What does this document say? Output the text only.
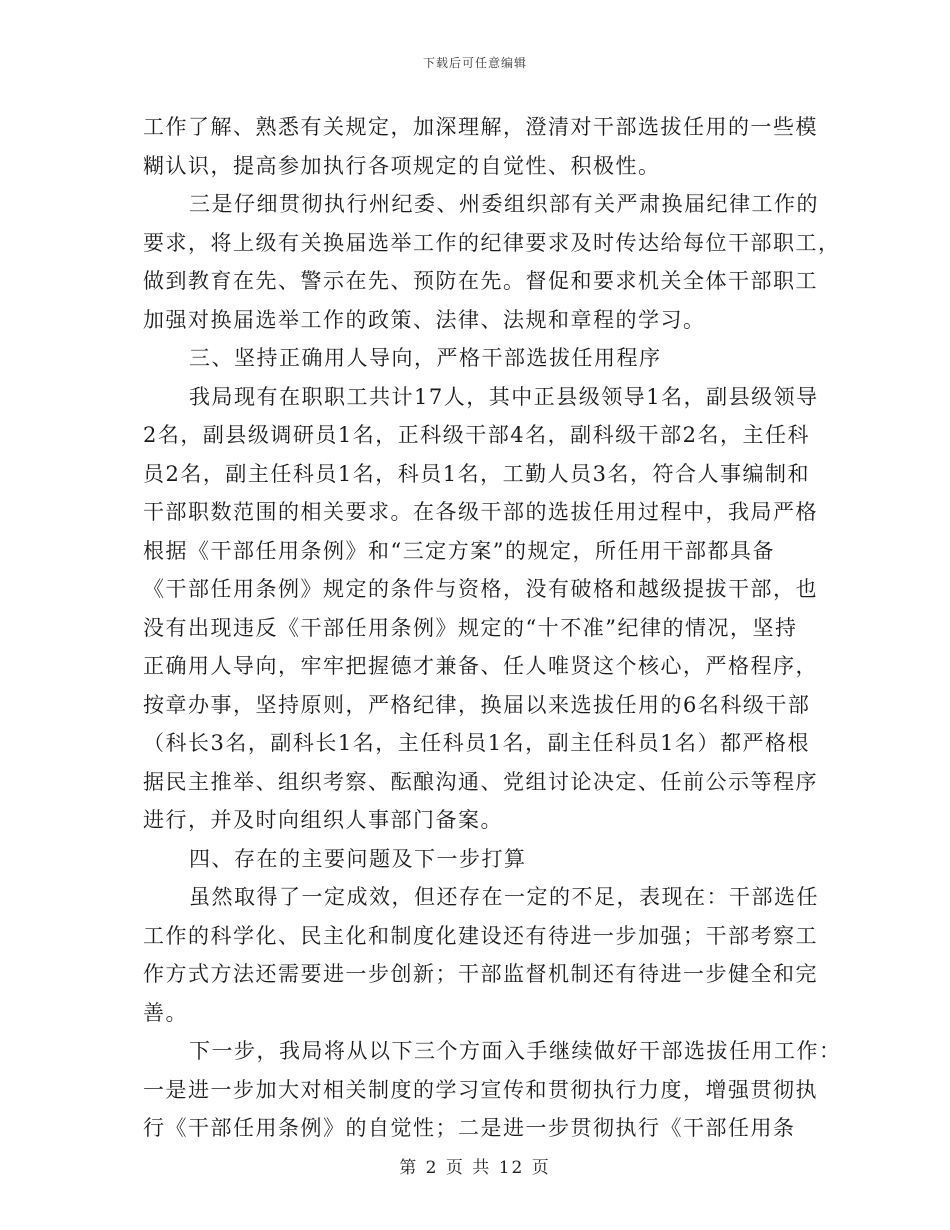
下载后可任意编辑
工作了解、熟悉有关规定，加深理解，澄清对干部选拔任用的一些模
糊认识，提高参加执行各项规定的自觉性、积极性。
三是仔细贯彻执行州纪委、州委组织部有关严肃换届纪律工作的
要求，将上级有关换届选举工作的纪律要求及时传达给每位干部职工，
做到教育在先、警示在先、预防在先。督促和要求机关全体干部职工
加强对换届选举工作的政策、法律、法规和章程的学习。
三、坚持正确用人导向，严格干部选拔任用程序
我局现有在职职工共计17人，其中正县级领导1名，副县级领导
2名，副县级调研员1名，正科级干部4名，副科级干部2名，主任科
员2名，副主任科员1名，科员1名，工勤人员3名，符合人事编制和
干部职数范围的相关要求。在各级干部的选拔任用过程中，我局严格
根据《干部任用条例》和“三定方案”的规定，所任用干部都具备
《干部任用条例》规定的条件与资格，没有破格和越级提拔干部，也
没有出现违反《干部任用条例》规定的“十不准”纪律的情况，坚持
正确用人导向，牢牢把握德才兼备、任人唯贤这个核心，严格程序，
按章办事，坚持原则，严格纪律，换届以来选拔任用的6名科级干部
（科长3名，副科长1名，主任科员1名，副主任科员1名）都严格根
据民主推举、组织考察、酝酿沟通、党组讨论决定、任前公示等程序
进行，并及时向组织人事部门备案。
四、存在的主要问题及下一步打算
虽然取得了一定成效，但还存在一定的不足，表现在：干部选任
工作的科学化、民主化和制度化建设还有待进一步加强；干部考察工
作方式方法还需要进一步创新；干部监督机制还有待进一步健全和完
善。
下一步，我局将从以下三个方面入手继续做好干部选拔任用工作：
一是进一步加大对相关制度的学习宣传和贯彻执行力度，增强贯彻执
行《干部任用条例》的自觉性；二是进一步贯彻执行《干部任用条
第 2 页 共 12 页
